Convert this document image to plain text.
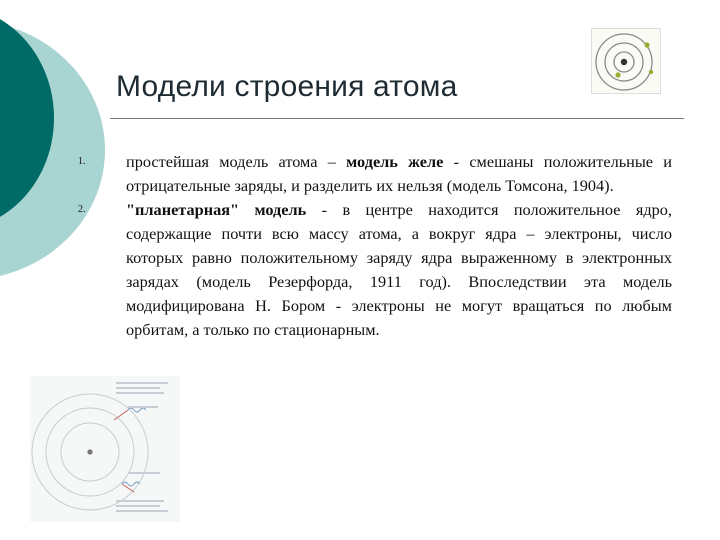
Модели строения атома
1.	простейшая модель атома – модель желе - смешаны положительные и отрицательные заряды, и разделить их нельзя (модель Томсона, 1904).
2.	"планетарная" модель - в центре находится положительное ядро, содержащие почти всю массу атома, а вокруг ядра – электроны, число которых равно положительному заряду ядра выраженному в электронных зарядах (модель Резерфорда, 1911 год). Впоследствии эта модель модифицирована Н. Бором - электроны не могут вращаться по любым орбитам, а только по стационарным.
